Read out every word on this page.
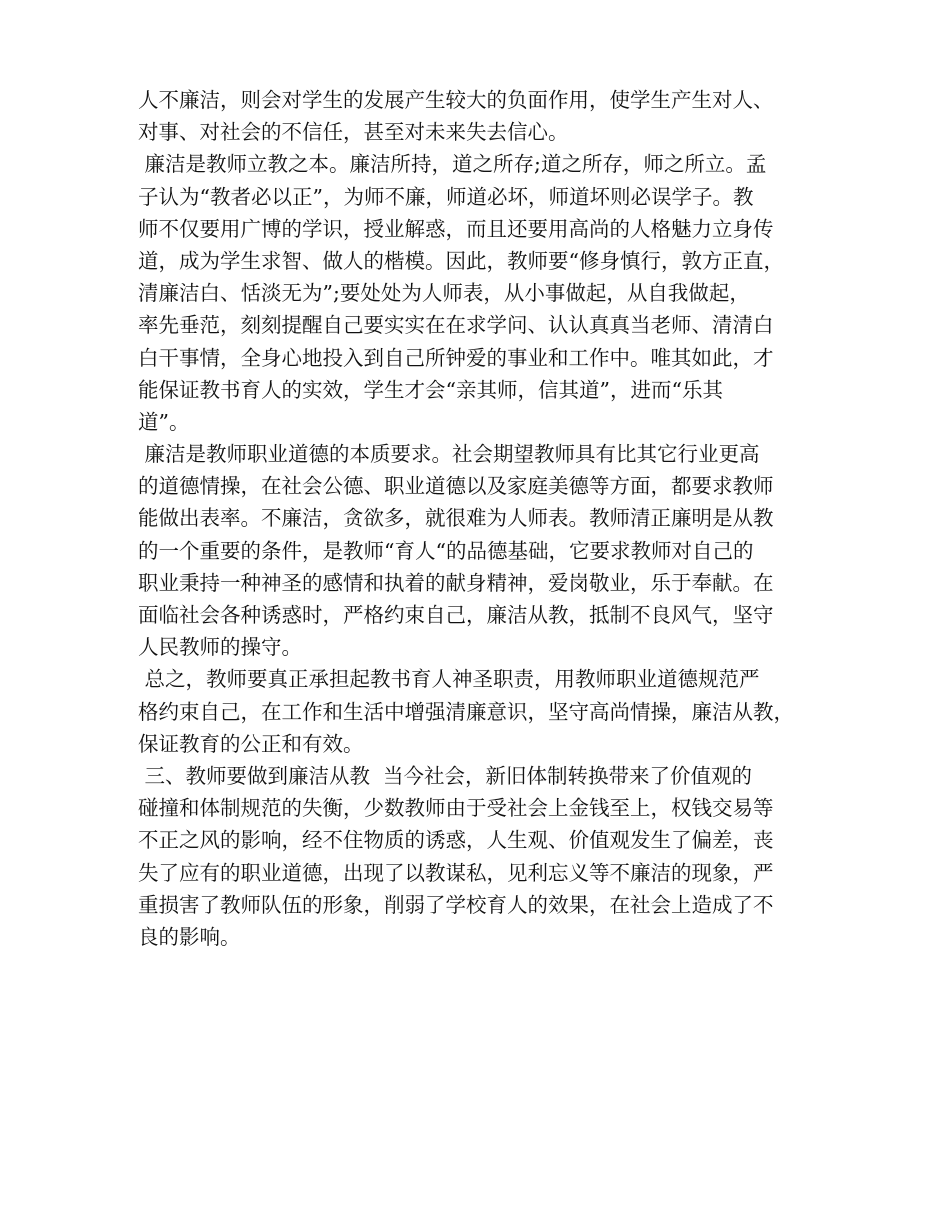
人不廉洁，则会对学生的发展产生较大的负面作用，使学生产生对人、
对事、对社会的不信任，甚至对未来失去信心。
廉洁是教师立教之本。廉洁所持，道之所存;道之所存，师之所立。孟
子认为“教者必以正”，为师不廉，师道必坏，师道坏则必误学子。教
师不仅要用广博的学识，授业解惑，而且还要用高尚的人格魅力立身传
道，成为学生求智、做人的楷模。因此，教师要“修身慎行，敦方正直，
清廉洁白、恬淡无为”;要处处为人师表，从小事做起，从自我做起，
率先垂范，刻刻提醒自己要实实在在求学问、认认真真当老师、清清白
白干事情，全身心地投入到自己所钟爱的事业和工作中。唯其如此，才
能保证教书育人的实效，学生才会“亲其师，信其道”，进而“乐其
道”。
廉洁是教师职业道德的本质要求。社会期望教师具有比其它行业更高
的道德情操，在社会公德、职业道德以及家庭美德等方面，都要求教师
能做出表率。不廉洁，贪欲多，就很难为人师表。教师清正廉明是从教
的一个重要的条件，是教师“育人“的品德基础，它要求教师对自己的
职业秉持一种神圣的感情和执着的献身精神，爱岗敬业，乐于奉献。在
面临社会各种诱惑时，严格约束自己，廉洁从教，抵制不良风气，坚守
人民教师的操守。
总之，教师要真正承担起教书育人神圣职责，用教师职业道德规范严
格约束自己，在工作和生活中增强清廉意识，坚守高尚情操，廉洁从教，
保证教育的公正和有效。
三、教师要做到廉洁从教  当今社会，新旧体制转换带来了价值观的
碰撞和体制规范的失衡，少数教师由于受社会上金钱至上，权钱交易等
不正之风的影响，经不住物质的诱惑，人生观、价值观发生了偏差，丧
失了应有的职业道德，出现了以教谋私，见利忘义等不廉洁的现象，严
重损害了教师队伍的形象，削弱了学校育人的效果，在社会上造成了不
良的影响。
